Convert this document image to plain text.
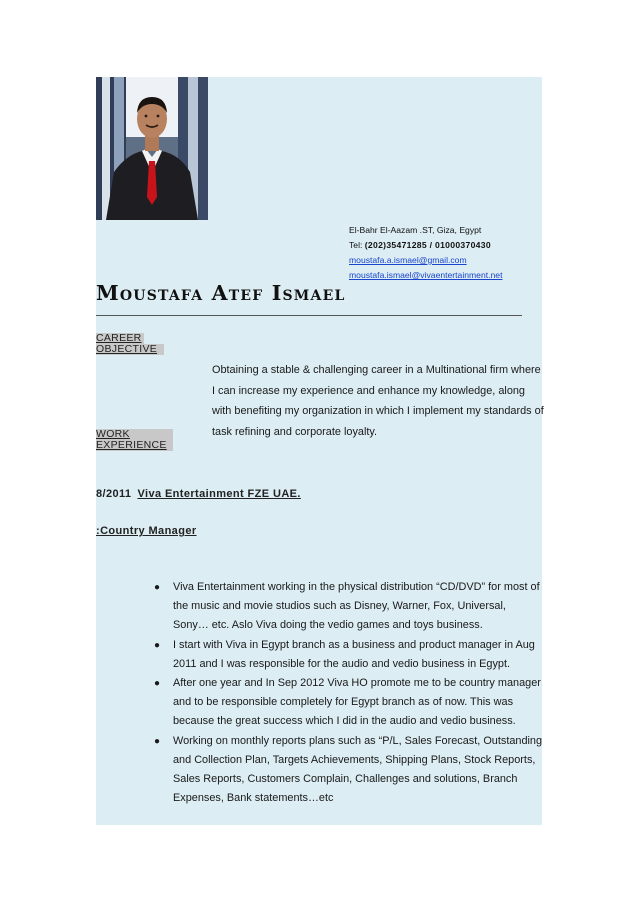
El-Bahr El-Aazam .ST, Giza, Egypt
Tel: (202)35471285 / 01000370430
moustafa.a.ismael@gmail.com
moustafa.ismael@vivaentertainment.net
Moustafa Atef Ismael
CAREER
OBJECTIVE
Obtaining a stable & challenging career in a Multinational firm where I can increase my experience and enhance my knowledge, along with benefiting my organization in which I implement my standards of task refining and corporate loyalty.
WORK
EXPERIENCE
8/2011 Viva Entertainment FZE UAE.
:Country Manager
● Viva Entertainment working in the physical distribution “CD/DVD” for most of the music and movie studios such as Disney, Warner, Fox, Universal, Sony… etc. Aslo Viva doing the vedio games and toys business.
● I start with Viva in Egypt branch as a business and product manager in Aug 2011 and I was responsible for the audio and vedio business in Egypt.
● After one year and In Sep 2012 Viva HO promote me to be country manager and to be responsible completely for Egypt branch as of now. This was because the great success which I did in the audio and vedio business.
● Working on monthly reports plans such as “P/L, Sales Forecast, Outstanding and Collection Plan, Targets Achievements, Shipping Plans, Stock Reports, Sales Reports, Customers Complain, Challenges and solutions, Branch Expenses, Bank statements…etc
